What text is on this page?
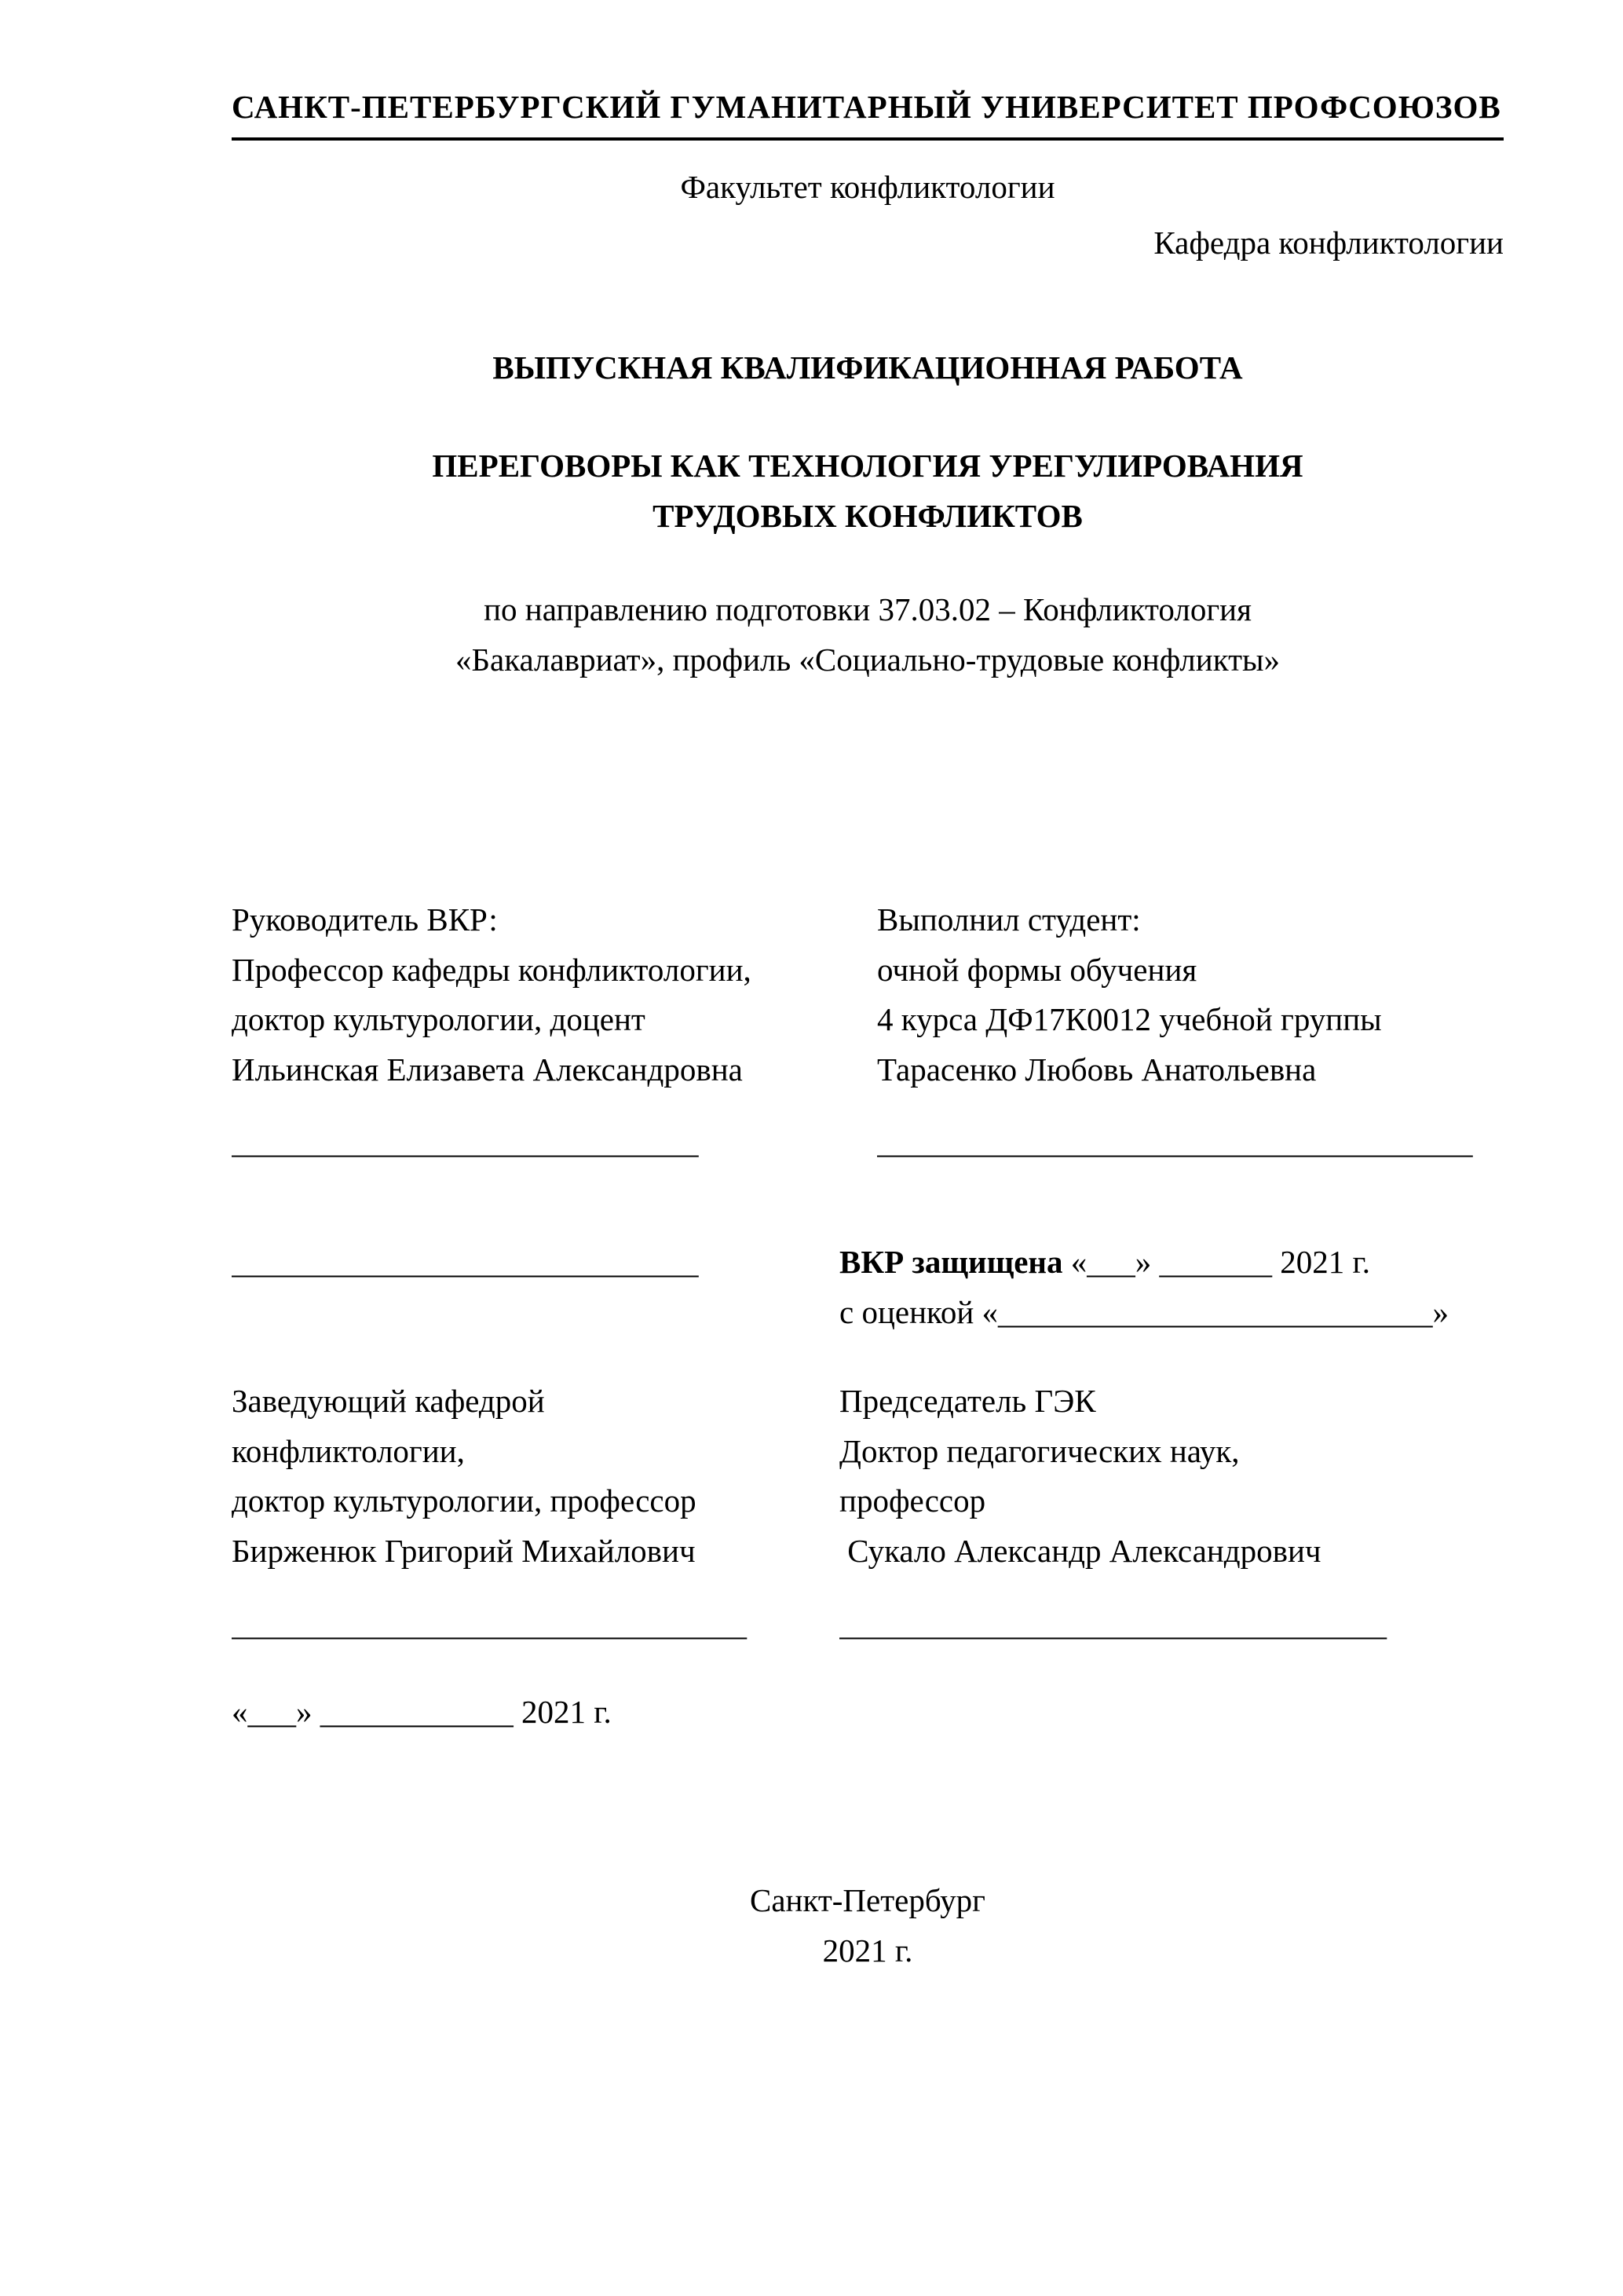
САНКТ-ПЕТЕРБУРГСКИЙ ГУМАНИТАРНЫЙ УНИВЕРСИТЕТ ПРОФСОЮЗОВ
Факультет конфликтологии
Кафедра конфликтологии
ВЫПУСКНАЯ КВАЛИФИКАЦИОННАЯ РАБОТА
ПЕРЕГОВОРЫ КАК ТЕХНОЛОГИЯ УРЕГУЛИРОВАНИЯ
ТРУДОВЫХ КОНФЛИКТОВ
по направлению подготовки 37.03.02 – Конфликтология
«Бакалавриат», профиль «Социально-трудовые конфликты»
Руководитель ВКР:
Профессор кафедры конфликтологии,
доктор культурологии, доцент
Ильинская Елизавета Александровна
_____________________________
Выполнил студент:
очной формы обучения
4 курса ДФ17К0012 учебной группы
Тарасенко Любовь Анатольевна
_____________________________________
_____________________________	ВКР защищена «___» _______ 2021 г.
с оценкой «___________________________»
Заведующий кафедрой
конфликтологии,
доктор культурологии, профессор
Бирженюк Григорий Михайлович
Председатель ГЭК
Доктор педагогических наук,
профессор
Сукало Александр Александрович
________________________________	__________________________________
«___» ____________ 2021 г.
Санкт-Петербург
2021 г.
